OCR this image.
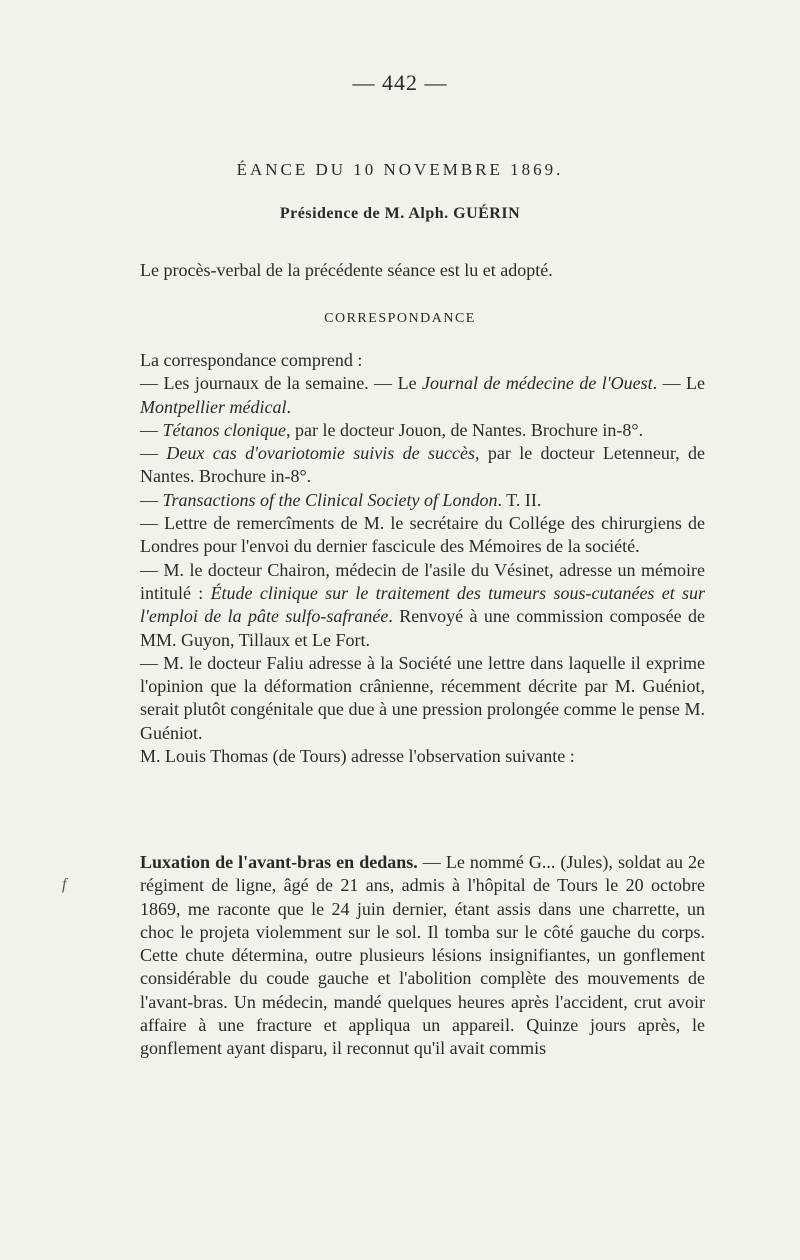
— 442 —
ÉANCE DU 10 NOVEMBRE 1869.
Présidence de M. Alph. GUÉRIN

Le procès-verbal de la précédente séance est lu et adopté.

CORRESPONDANCE

La correspondance comprend :

— Les journaux de la semaine. — Le Journal de médecine de l'Ouest. — Le Montpellier médical.

— Tétanos clonique, par le docteur Jouon, de Nantes. Brochure in-8°.

— Deux cas d'ovariotomie suivis de succès, par le docteur Letenneur, de Nantes. Brochure in-8°.

— Transactions of the Clinical Society of London. T. II.

— Lettre de remercîments de M. le secrétaire du Collége des chirurgiens de Londres pour l'envoi du dernier fascicule des Mémoires de la société.

— M. le docteur Chairon, médecin de l'asile du Vésinet, adresse un mémoire intitulé : Étude clinique sur le traitement des tumeurs sous-cutanées et sur l'emploi de la pâte sulfo-safranée. Renvoyé à une commission composée de MM. Guyon, Tillaux et Le Fort.

— M. le docteur Faliu adresse à la Société une lettre dans laquelle il exprime l'opinion que la déformation crânienne, récemment décrite par M. Guéniot, serait plutôt congénitale que due à une pression prolongée comme le pense M. Guéniot.

M. Louis Thomas (de Tours) adresse l'observation suivante :

f

Luxation de l'avant-bras en dedans. — Le nommé G... (Jules), soldat au 2e régiment de ligne, âgé de 21 ans, admis à l'hôpital de Tours le 20 octobre 1869, me raconte que le 24 juin dernier, étant assis dans une charrette, un choc le projeta violemment sur le sol. Il tomba sur le côté gauche du corps. Cette chute détermina, outre plusieurs lésions insignifiantes, un gonflement considérable du coude gauche et l'abolition complète des mouvements de l'avant-bras. Un médecin, mandé quelques heures après l'accident, crut avoir affaire à une fracture et appliqua un appareil. Quinze jours après, le gonflement ayant disparu, il reconnut qu'il avait commis
